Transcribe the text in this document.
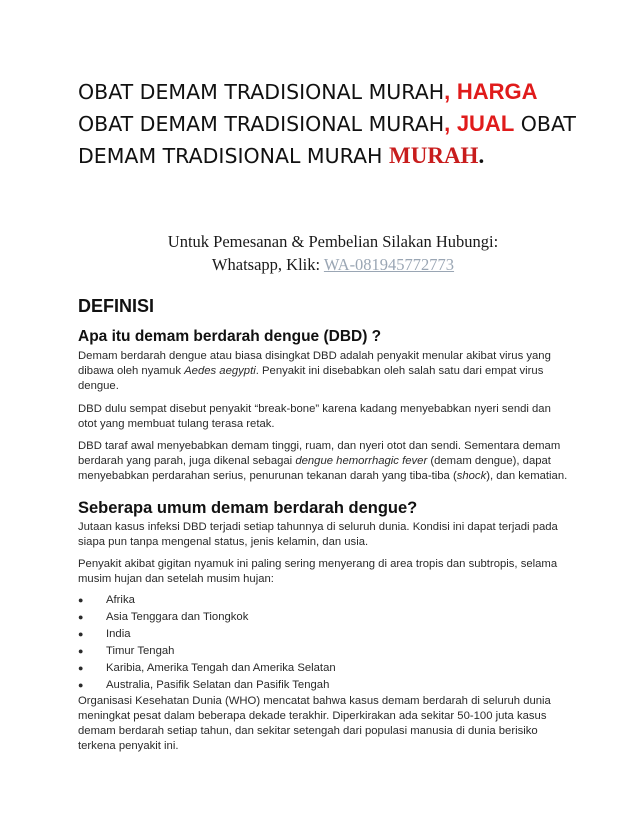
OBAT DEMAM TRADISIONAL MURAH, HARGA OBAT DEMAM TRADISIONAL MURAH, JUAL OBAT DEMAM TRADISIONAL MURAH MURAH.
Untuk Pemesanan & Pembelian Silakan Hubungi:
Whatsapp, Klik: WA-081945772773
DEFINISI
Apa itu demam berdarah dengue (DBD) ?

Demam berdarah dengue atau biasa disingkat DBD adalah penyakit menular akibat virus yang dibawa oleh nyamuk Aedes aegypti. Penyakit ini disebabkan oleh salah satu dari empat virus dengue.

DBD dulu sempat disebut penyakit “break-bone” karena kadang menyebabkan nyeri sendi dan otot yang membuat tulang terasa retak.

DBD taraf awal menyebabkan demam tinggi, ruam, dan nyeri otot dan sendi. Sementara demam berdarah yang parah, juga dikenal sebagai dengue hemorrhagic fever (demam dengue), dapat menyebabkan perdarahan serius, penurunan tekanan darah yang tiba-tiba (shock), dan kematian.

Seberapa umum demam berdarah dengue?

Jutaan kasus infeksi DBD terjadi setiap tahunnya di seluruh dunia. Kondisi ini dapat terjadi pada siapa pun tanpa mengenal status, jenis kelamin, dan usia.

Penyakit akibat gigitan nyamuk ini paling sering menyerang di area tropis dan subtropis, selama musim hujan dan setelah musim hujan:

●	Afrika
●	Asia Tenggara dan Tiongkok
●	India
●	Timur Tengah
●	Karibia, Amerika Tengah dan Amerika Selatan
●	Australia, Pasifik Selatan dan Pasifik Tengah

Organisasi Kesehatan Dunia (WHO) mencatat bahwa kasus demam berdarah di seluruh dunia meningkat pesat dalam beberapa dekade terakhir. Diperkirakan ada sekitar 50-100 juta kasus demam berdarah setiap tahun, dan sekitar setengah dari populasi manusia di dunia berisiko terkena penyakit ini.
